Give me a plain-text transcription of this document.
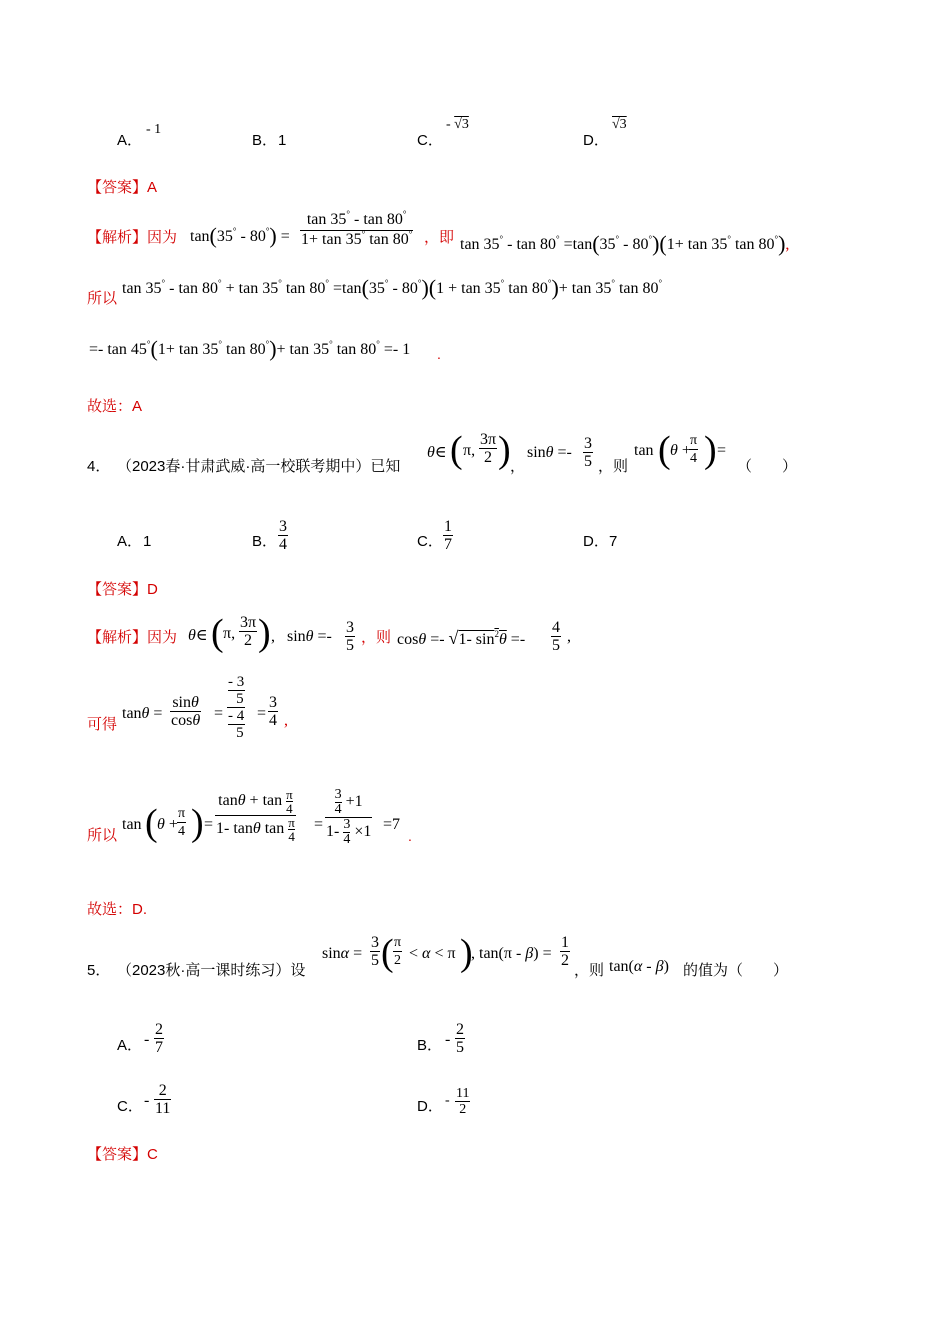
A．
- 1
B． 1	C．
- √3
D．
√3
【答案】A
【解析】因为 tan(35° - 80°) =
tan 35° - tan 80°
1+ tan 35° tan 80° ，即 tan 35° - tan 80° =tan(35° - 80°)(1+ tan 35° tan 80°),
所以
tan 35° - tan 80° + tan 35° tan 80° =tan(35° - 80°)(1 + tan 35° tan 80°)+ tan 35° tan 80°
=- tan 45°(1+ tan 35° tan 80°)+ tan 35° tan 80° =- 1 .
故选：A
4． （2023春·甘肃武威·高一校联考期中）已知
θ∈ ( π,
3π
2 ) ，
sinθ =-
3
5 ，则
tan ( θ +
π
4 ) =
（　　）
A． 1	B．
3
4	C．
1
7	D． 7
【答案】D
【解析】因为 θ∈ ( π,
3π
2 ) , sinθ =-
3
5 ，则 cosθ =- √1- $\sin^2\theta$ =-
4
5
,
可得
tanθ =
sinθ
cosθ =
- 3
5
- 4
5
=
3
4 ,
所以
tan ( θ +
π
4 ) =
$\tan\theta + \tan \frac{\pi}{4}$
1- tanθ $\tan \frac{\pi}{4}$ =
$\frac{3}{4} +1$
$1- \frac{3}{4} \times 1 =7$
.
故选：D.
5． （2023秋·高一课时练习）设
sinα =
3
5 ( π
2 < α < π )
, tan(π - β) =
1
2
，则 tan(α - β) 的值为（　　）
A． -
2
7	B． -
2
5
C． -
2
11	D． - 11
2
【答案】C
